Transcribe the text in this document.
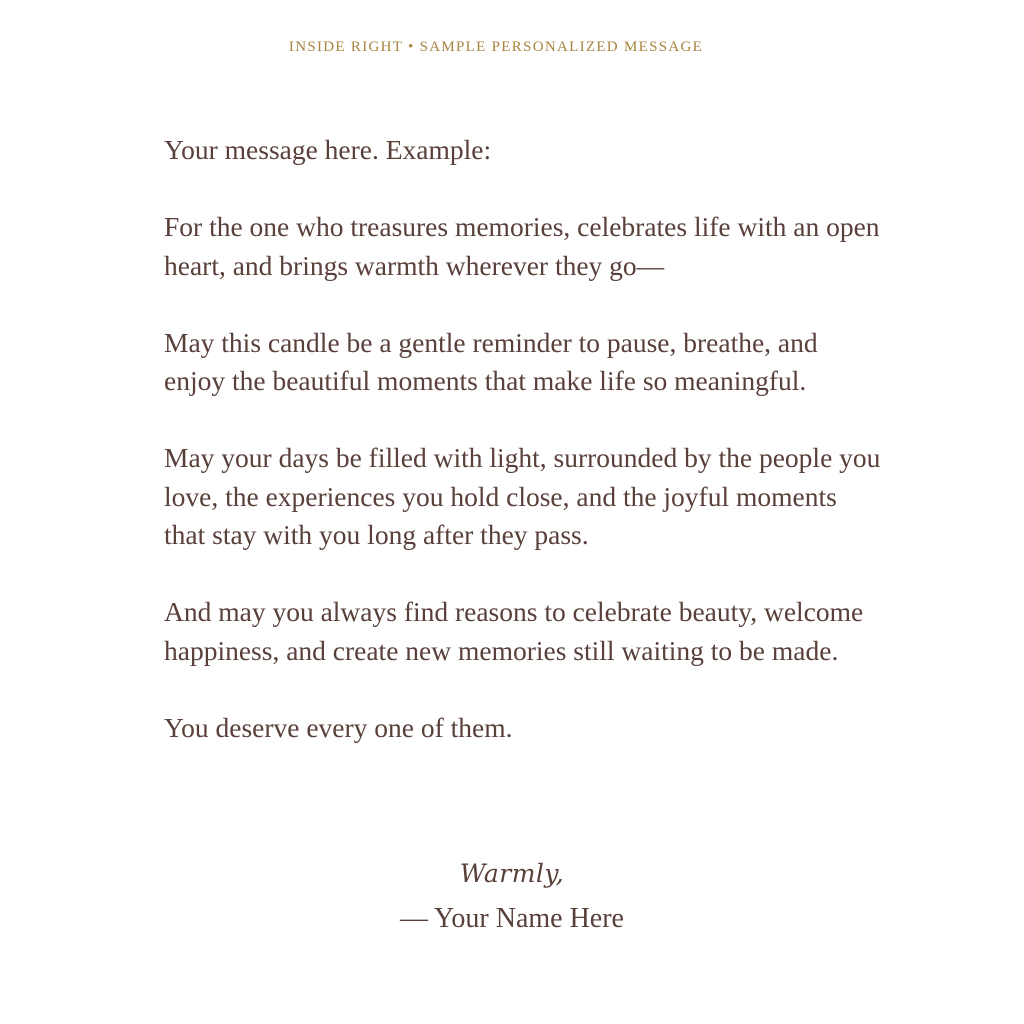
INSIDE RIGHT • SAMPLE PERSONALIZED MESSAGE

Your message here. Example:

For the one who treasures memories, celebrates life with an open heart, and brings warmth wherever they go—

May this candle be a gentle reminder to pause, breathe, and enjoy the beautiful moments that make life so meaningful.

May your days be filled with light, surrounded by the people you love, the experiences you hold close, and the joyful moments that stay with you long after they pass.

And may you always find reasons to celebrate beauty, welcome happiness, and create new memories still waiting to be made.

You deserve every one of them.

Warmly,
— Your Name Here
